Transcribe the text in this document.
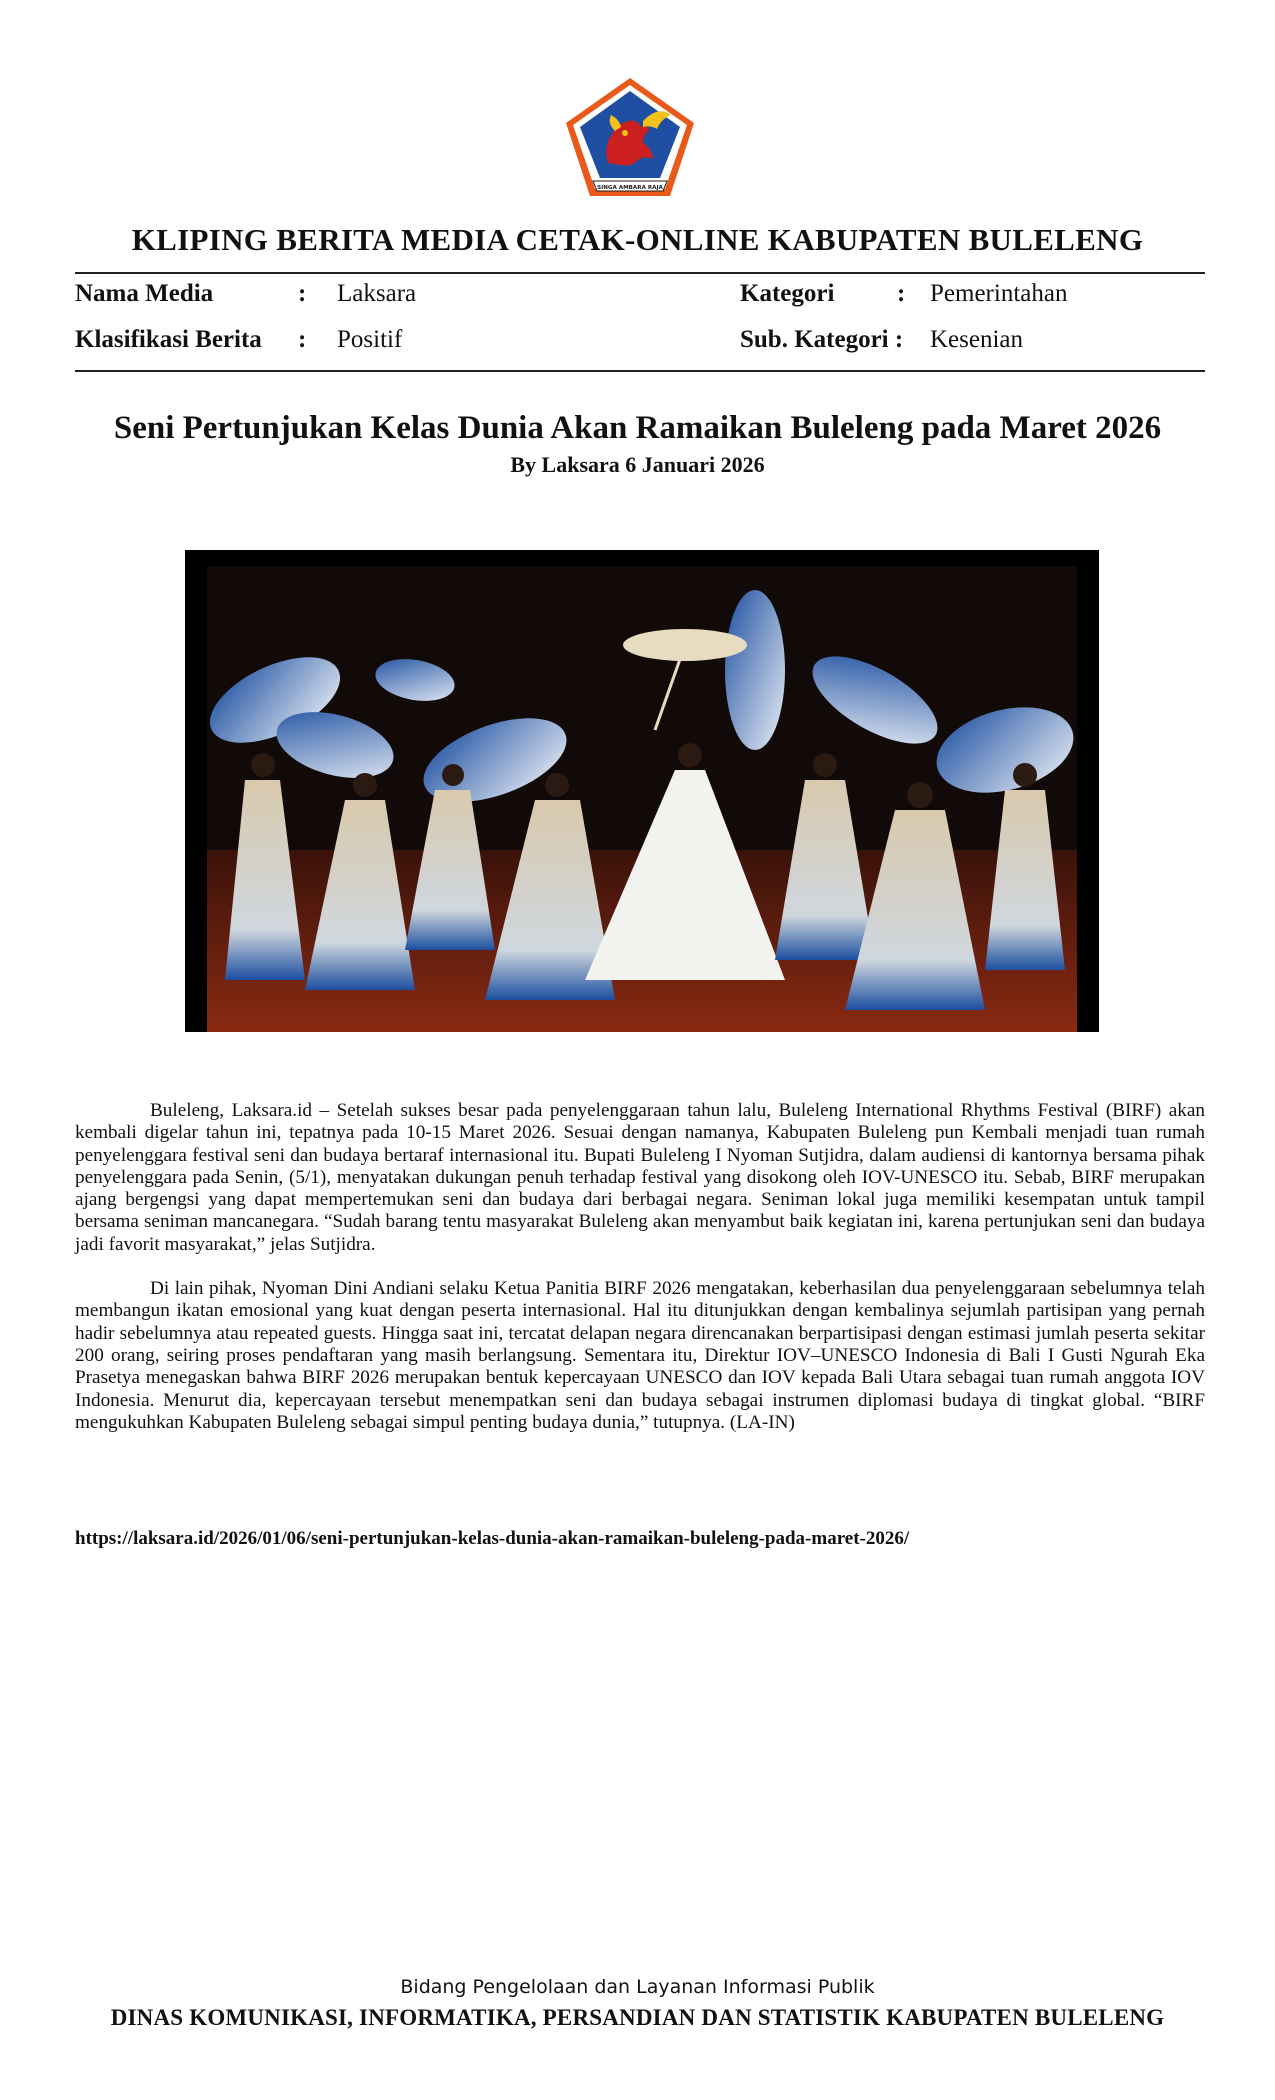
SINGA AMBARA RAJA
KLIPING BERITA MEDIA CETAK-ONLINE KABUPATEN BULELENG
Nama Media	: Laksara	Kategori	: Pemerintahan
Klasifikasi Berita : Positif	Sub. Kategori : Kesenian
Seni Pertunjukan Kelas Dunia Akan Ramaikan Buleleng pada Maret 2026
By Laksara 6 Januari 2026

Buleleng, Laksara.id – Setelah sukses besar pada penyelenggaraan tahun lalu, Buleleng International Rhythms Festival (BIRF) akan kembali digelar tahun ini, tepatnya pada 10-15 Maret 2026. Sesuai dengan namanya, Kabupaten Buleleng pun Kembali menjadi tuan rumah penyelenggara festival seni dan budaya bertaraf internasional itu. Bupati Buleleng I Nyoman Sutjidra, dalam audiensi di kantornya bersama pihak penyelenggara pada Senin, (5/1), menyatakan dukungan penuh terhadap festival yang disokong oleh IOV-UNESCO itu. Sebab, BIRF merupakan ajang bergengsi yang dapat mempertemukan seni dan budaya dari berbagai negara. Seniman lokal juga memiliki kesempatan untuk tampil bersama seniman mancanegara. “Sudah barang tentu masyarakat Buleleng akan menyambut baik kegiatan ini, karena pertunjukan seni dan budaya jadi favorit masyarakat,” jelas Sutjidra.

Di lain pihak, Nyoman Dini Andiani selaku Ketua Panitia BIRF 2026 mengatakan, keberhasilan dua penyelenggaraan sebelumnya telah membangun ikatan emosional yang kuat dengan peserta internasional. Hal itu ditunjukkan dengan kembalinya sejumlah partisipan yang pernah hadir sebelumnya atau repeated guests. Hingga saat ini, tercatat delapan negara direncanakan berpartisipasi dengan estimasi jumlah peserta sekitar 200 orang, seiring proses pendaftaran yang masih berlangsung. Sementara itu, Direktur IOV–UNESCO Indonesia di Bali I Gusti Ngurah Eka Prasetya menegaskan bahwa BIRF 2026 merupakan bentuk kepercayaan UNESCO dan IOV kepada Bali Utara sebagai tuan rumah anggota IOV Indonesia. Menurut dia, kepercayaan tersebut menempatkan seni dan budaya sebagai instrumen diplomasi budaya di tingkat global. “BIRF mengukuhkan Kabupaten Buleleng sebagai simpul penting budaya dunia,” tutupnya. (LA-IN)

https://laksara.id/2026/01/06/seni-pertunjukan-kelas-dunia-akan-ramaikan-buleleng-pada-maret-2026/
Bidang Pengelolaan dan Layanan Informasi Publik
DINAS KOMUNIKASI, INFORMATIKA, PERSANDIAN DAN STATISTIK KABUPATEN BULELENG
